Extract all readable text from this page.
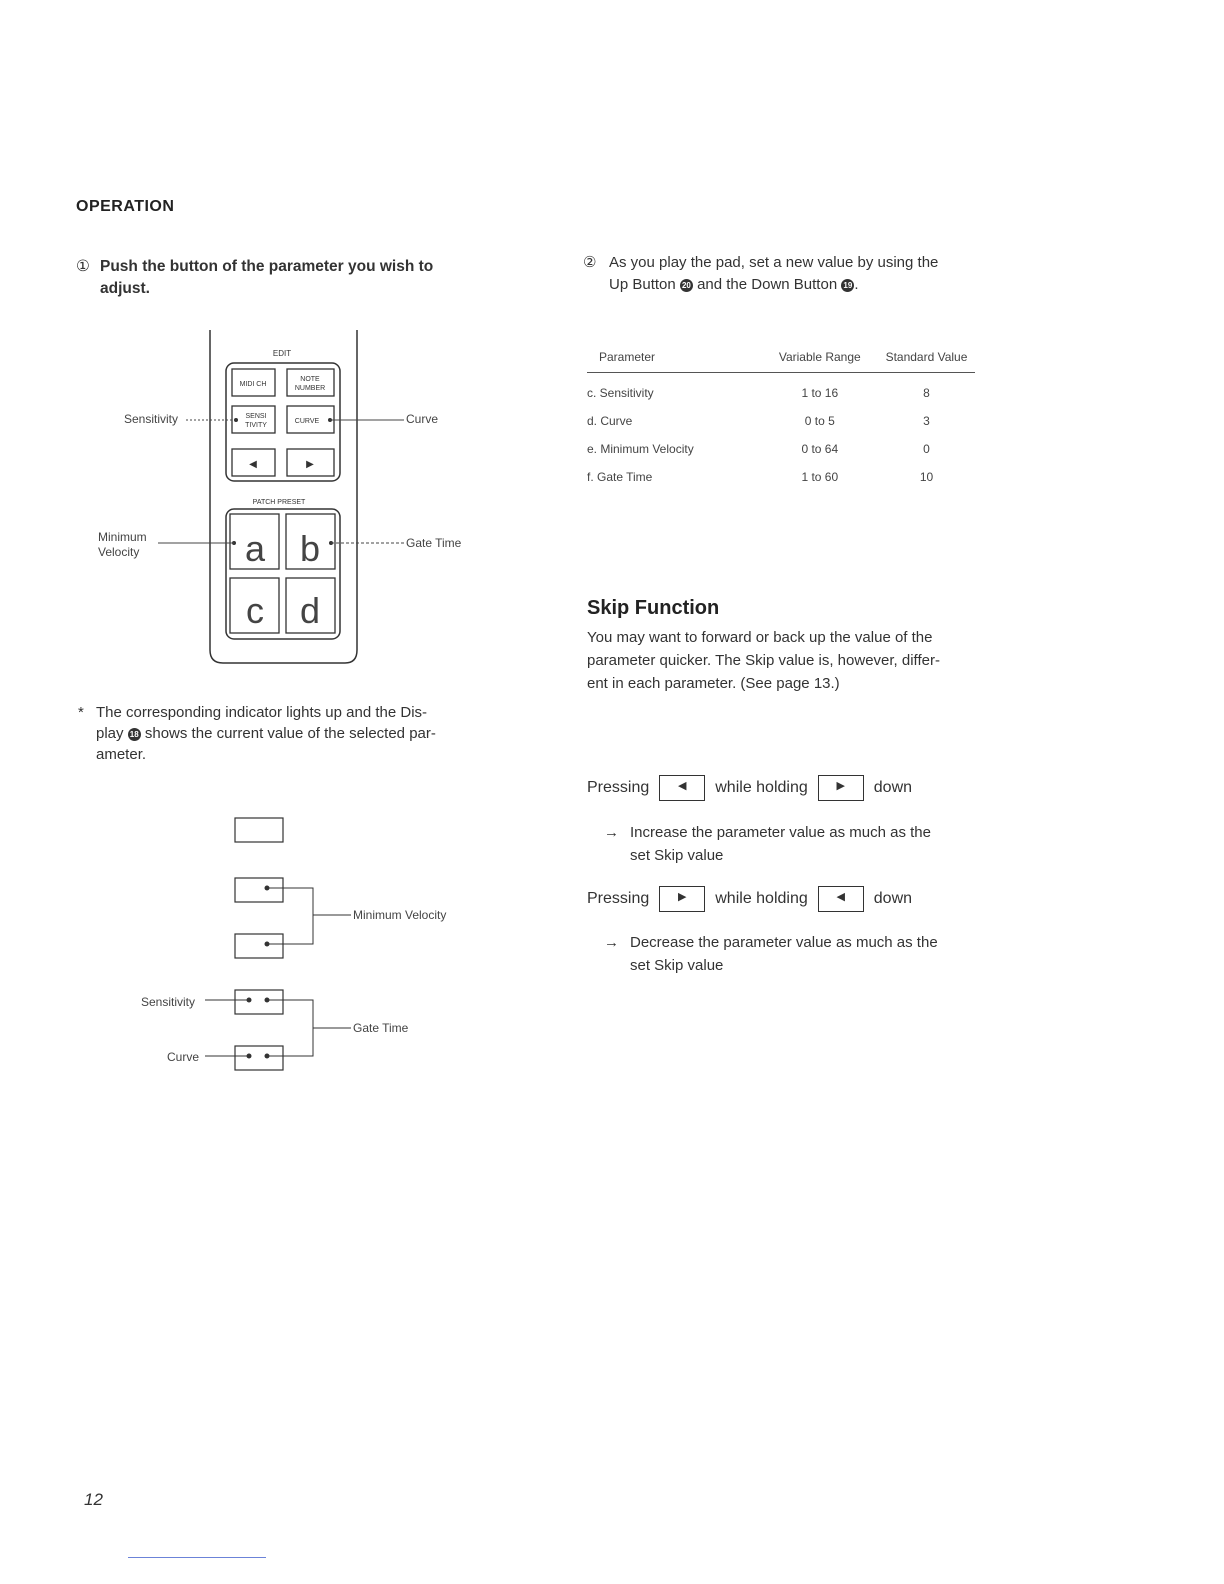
OPERATION
① Push the button of the parameter you wish to
adjust.
EDIT
MIDI CH
NOTE
NUMBER
SENSI
TIVITY
CURVE
◀	▶
PATCH PRESET
a b
c d
Sensitivity	Curve
Minimum
Velocity
Gate Time
* The corresponding indicator lights up and the Dis-
play 18 shows the current value of the selected par-
ameter.
Minimum Velocity
Gate Time
Sensitivity
Curve
② As you play the pad, set a new value by using the
Up Button 20 and the Down Button 19 .
Parameter	Variable Range	Standard Value
c. Sensitivity	1 to 16	8
d. Curve	0 to 5	3
e. Minimum Velocity	0 to 64	0
f. Gate Time	1 to 60	10
Skip Function
You may want to forward or back up the value of the
parameter quicker. The Skip value is, however, differ-
ent in each parameter. (See page 13.)
Pressing	◀	while holding	▶	down
→ Increase the parameter value as much as the
set Skip value
Pressing	▶	while holding	◀	down
→ Decrease the parameter value as much as the
set Skip value
12
